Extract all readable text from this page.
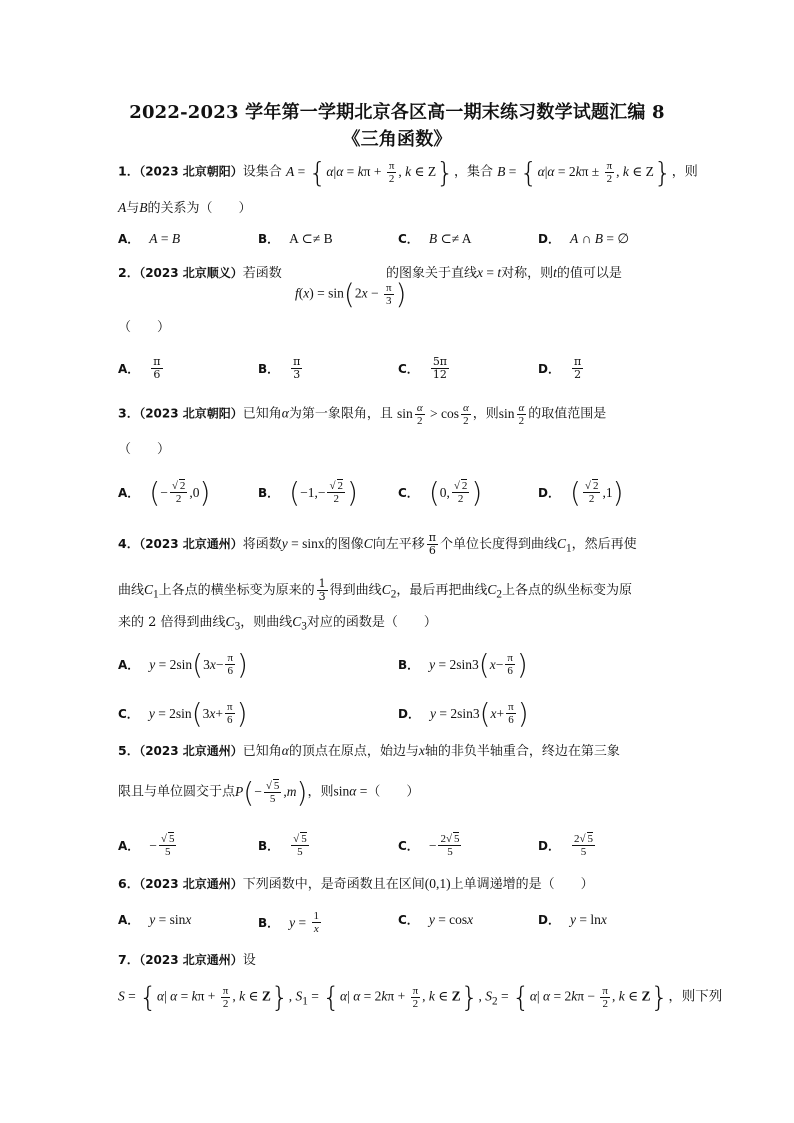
2022-2023 学年第一学期北京各区高一期末练习数学试题汇编 8
《三角函数》
1．（2023 北京朝阳）设集合 $A = \{\alpha|\alpha = k\pi + \frac{\pi}{2}$ , k ∈ Z}，集合 $B = \{\alpha|\alpha = 2k\pi \pm \frac{\pi}{2}$ , k ∈ Z}，则
A与B的关系为（　　）
A． A = B	B． A ⊂≠ B	C． B ⊂≠ A	D． A ∩ B = ∅
2．（2023 北京顺义）若函数	的图象关于直线x = t对称，则t的值可以是
$f(x) = \sin(2x - \frac{\pi}{3}$ )
（　　）
A． $\frac{\pi}{6}$	B． $\frac{\pi}{3}$	C． $\frac{5\pi}{12}$	D． $\frac{\pi}{2}$
3．（2023 北京朝阳）已知角α为第一象限角，且 $\sin \frac{\alpha}{2} > \cos \frac{\alpha}{2}$ ，则$\sin \frac{\alpha}{2}$ 的取值范围是
（　　）
A． ( − $\frac{√ 2}{2} ,0$ )	B． ( $-1,- \frac{√ 2}{2}$ )	C． ( 0, $\frac{√ 2}{2}$ )	D． ( $\frac{√ 2}{2} ,1$ )
4．（2023 北京通州）将函数y = sinx的图像C向左平移 $\frac{\pi}{6}$ 个单位长度得到曲线$C_1$，然后再使
曲线$C_1$上各点的横坐标变为原来的 $\frac{1}{3}$ 得到曲线$C_2$，最后再把曲线$C_2$上各点的纵坐标变为原
来的 2 倍得到曲线$C_3$，则曲线$C_3$对应的函数是（　　）
A． y = 2sin ( 3 $x - \frac{\pi}{6}$ )	B． y = 2sin3 ( $x - \frac{\pi}{6}$ )
C． y = 2sin ( 3 $x + \frac{\pi}{6}$ )	D． y = 2sin3 ( $x + \frac{\pi}{6}$ )
5．（2023 北京通州）已知角α的顶点在原点，始边与x轴的非负半轴重合，终边在第三象
限且与单位圆交于点$P(- \frac{√ 5}{5} ,m)$，则sinα =（　　）
A． − $\frac{√ 5}{5}$	B． $\frac{√ 5}{5}$	C． − $\frac{2√ 5}{5}$	D． $\frac{2√ 5}{5}$
6．（2023 北京通州）下列函数中，是奇函数且在区间(0,1)上单调递增的是（　　）
A． y = sin x	B． $y = \frac{1}{x}$	C． y = cos x	D． y = ln x
7．（2023 北京通州）设
S = {α| $\alpha = k\pi + \frac{\pi}{2}$ , k ∈ Z}, $S_1 = \{\alpha|$ $\alpha = 2k\pi + \frac{\pi}{2}$ , k ∈ Z}, $S_2 = \{\alpha|$ $\alpha = 2k\pi - \frac{\pi}{2}$ , k ∈ Z}，则下列
